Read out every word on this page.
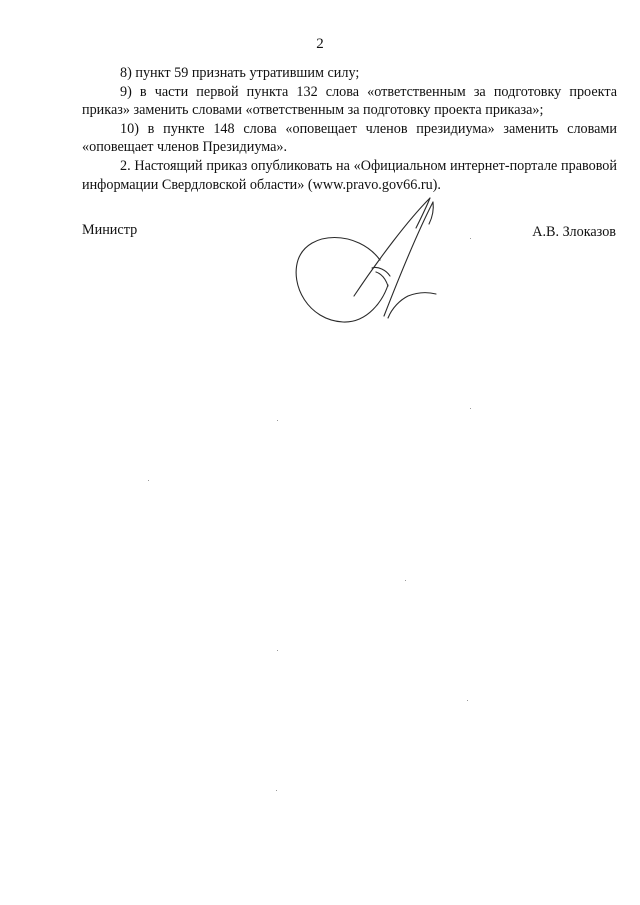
2

8) пункт 59 признать утратившим силу;

9) в части первой пункта 132 слова «ответственным за подготовку проекта приказ» заменить словами «ответственным за подготовку проекта приказа»;

10) в пункте 148 слова «оповещает членов президиума» заменить словами «оповещает членов Президиума».

2. Настоящий приказ опубликовать на «Официальном интернет-портале правовой информации Свердловской области» (www.pravo.gov66.ru).

Министр	А.В. Злоказов
